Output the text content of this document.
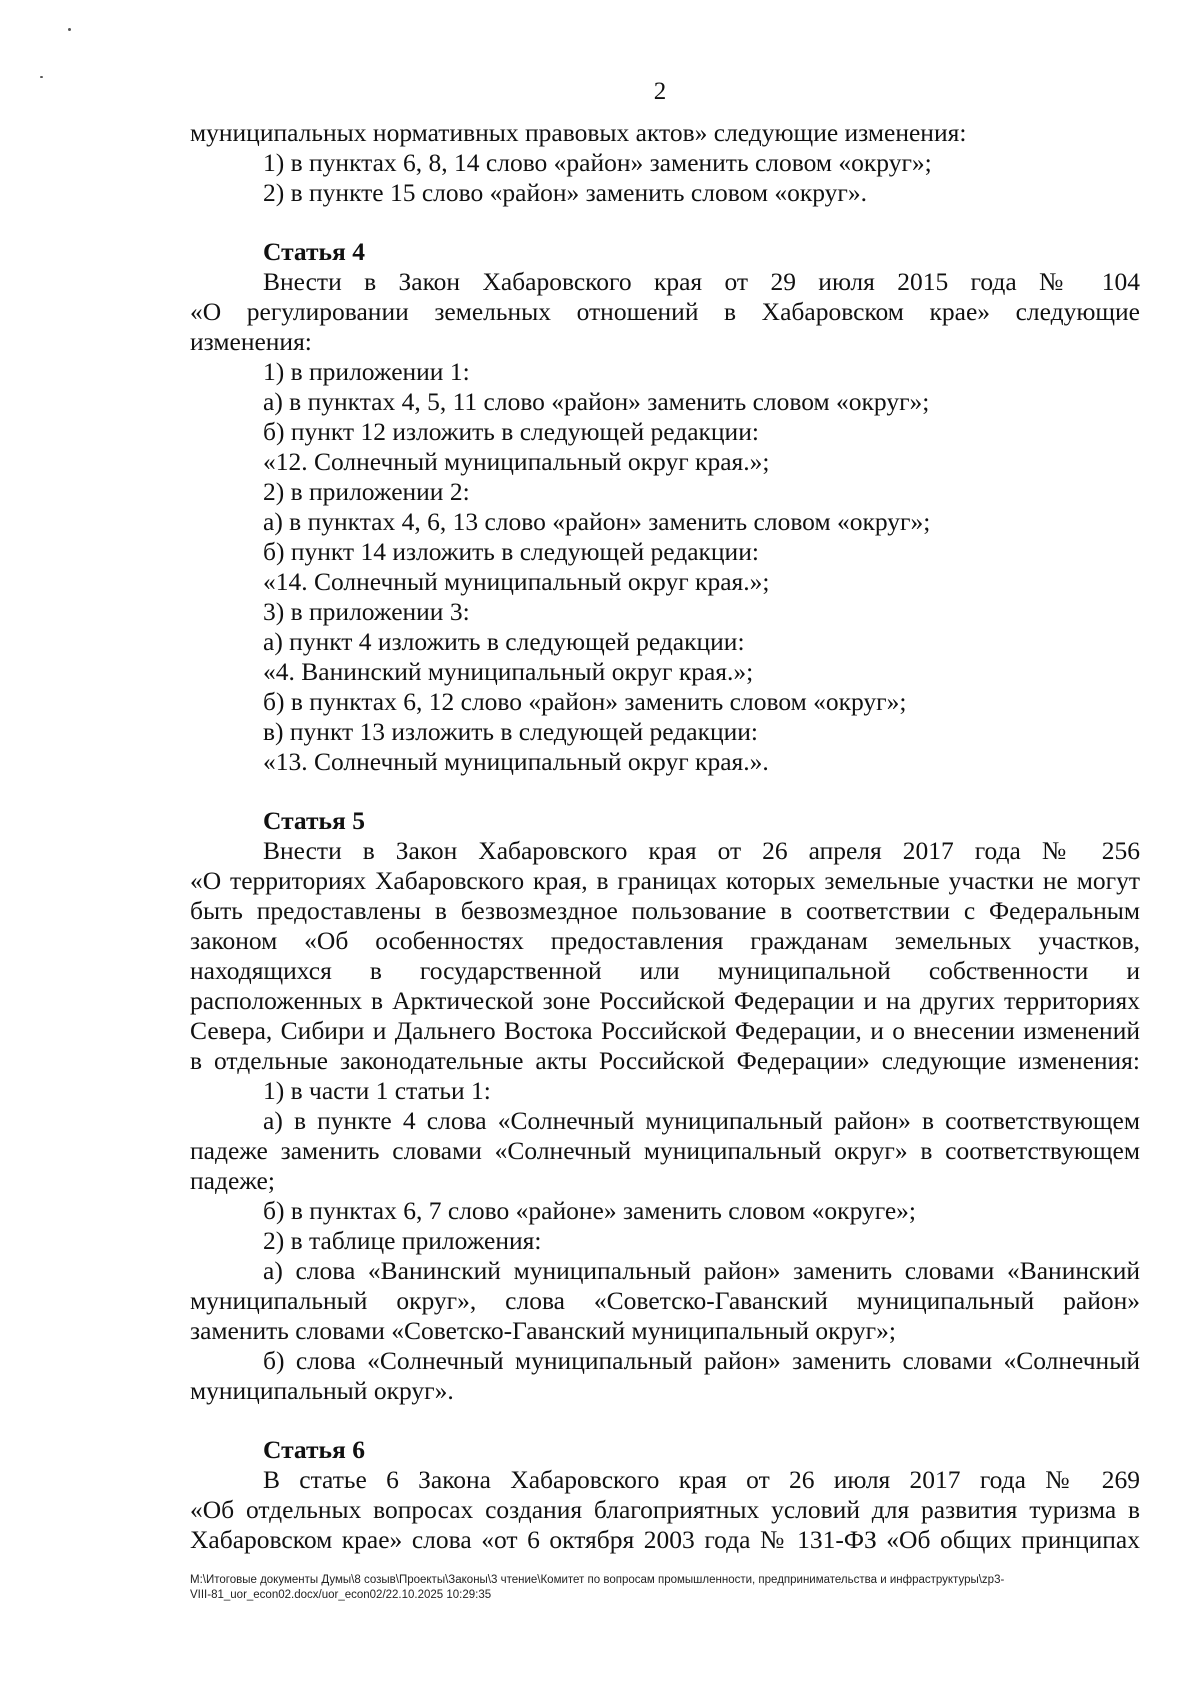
2
муниципальных нормативных правовых актов» следующие изменения:
1) в пунктах 6, 8, 14 слово «район» заменить словом «округ»;
2) в пункте 15 слово «район» заменить словом «округ».
Статья 4
Внести в Закон Хабаровского края от 29 июля 2015 года № 104
«О регулировании земельных отношений в Хабаровском крае» следующие
изменения:
1) в приложении 1:
а) в пунктах 4, 5, 11 слово «район» заменить словом «округ»;
б) пункт 12 изложить в следующей редакции:
«12. Солнечный муниципальный округ края.»;
2) в приложении 2:
а) в пунктах 4, 6, 13 слово «район» заменить словом «округ»;
б) пункт 14 изложить в следующей редакции:
«14. Солнечный муниципальный округ края.»;
3) в приложении 3:
а) пункт 4 изложить в следующей редакции:
«4. Ванинский муниципальный округ края.»;
б) в пунктах 6, 12 слово «район» заменить словом «округ»;
в) пункт 13 изложить в следующей редакции:
«13. Солнечный муниципальный округ края.».
Статья 5
Внести в Закон Хабаровского края от 26 апреля 2017 года № 256
«О территориях Хабаровского края, в границах которых земельные участки не могут
быть предоставлены в безвозмездное пользование в соответствии с Федеральным
законом «Об особенностях предоставления гражданам земельных участков,
находящихся в государственной или муниципальной собственности и
расположенных в Арктической зоне Российской Федерации и на других территориях
Севера, Сибири и Дальнего Востока Российской Федерации, и о внесении изменений
в отдельные законодательные акты Российской Федерации» следующие изменения:
1) в части 1 статьи 1:
а) в пункте 4 слова «Солнечный муниципальный район» в соответствующем
падеже заменить словами «Солнечный муниципальный округ» в соответствующем
падеже;
б) в пунктах 6, 7 слово «районе» заменить словом «округе»;
2) в таблице приложения:
а) слова «Ванинский муниципальный район» заменить словами «Ванинский
муниципальный округ», слова «Советско-Гаванский муниципальный район»
заменить словами «Советско-Гаванский муниципальный округ»;
б) слова «Солнечный муниципальный район» заменить словами «Солнечный
муниципальный округ».
Статья 6
В статье 6 Закона Хабаровского края от 26 июля 2017 года № 269
«Об отдельных вопросах создания благоприятных условий для развития туризма в
Хабаровском крае» слова «от 6 октября 2003 года № 131-ФЗ «Об общих принципах
M:\Итоговые документы Думы\8 созыв\Проекты\Законы\3 чтение\Комитет по вопросам промышленности, предпринимательства и инфраструктуры\zp3-
VIII-81_uor_econ02.docx/uor_econ02/22.10.2025 10:29:35
